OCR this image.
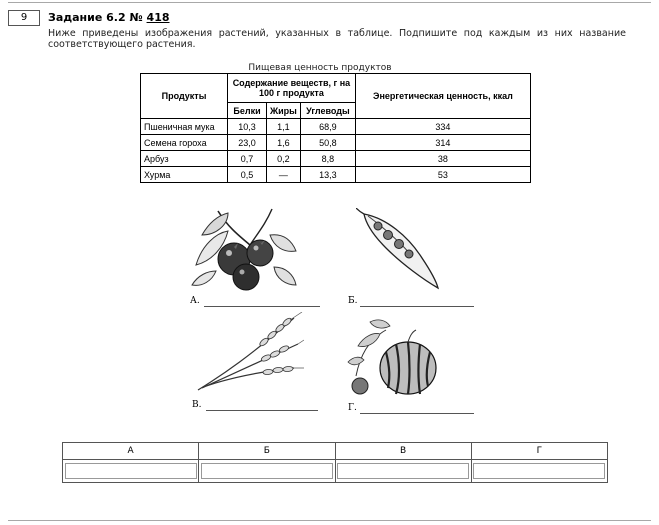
9	Задание 6.2 № 418
Ниже приведены изображения растений, указанных в таблице. Подпишите под каждым из них название соответствующего растения.
Пищевая ценность продуктов
Продукты	Содержание веществ, г на 100 г продукта			Энергетическая ценность, ккал
	Белки	Жиры	Углеводы	
Пшеничная мука	10,3	1,1	68,9	334
Семена гороха	23,0	1,6	50,8	314
Арбуз	0,7	0,2	8,8	38
Хурма	0,5	—	13,3	53
А.	Б.
В.	Г.
А	Б	В	Г
